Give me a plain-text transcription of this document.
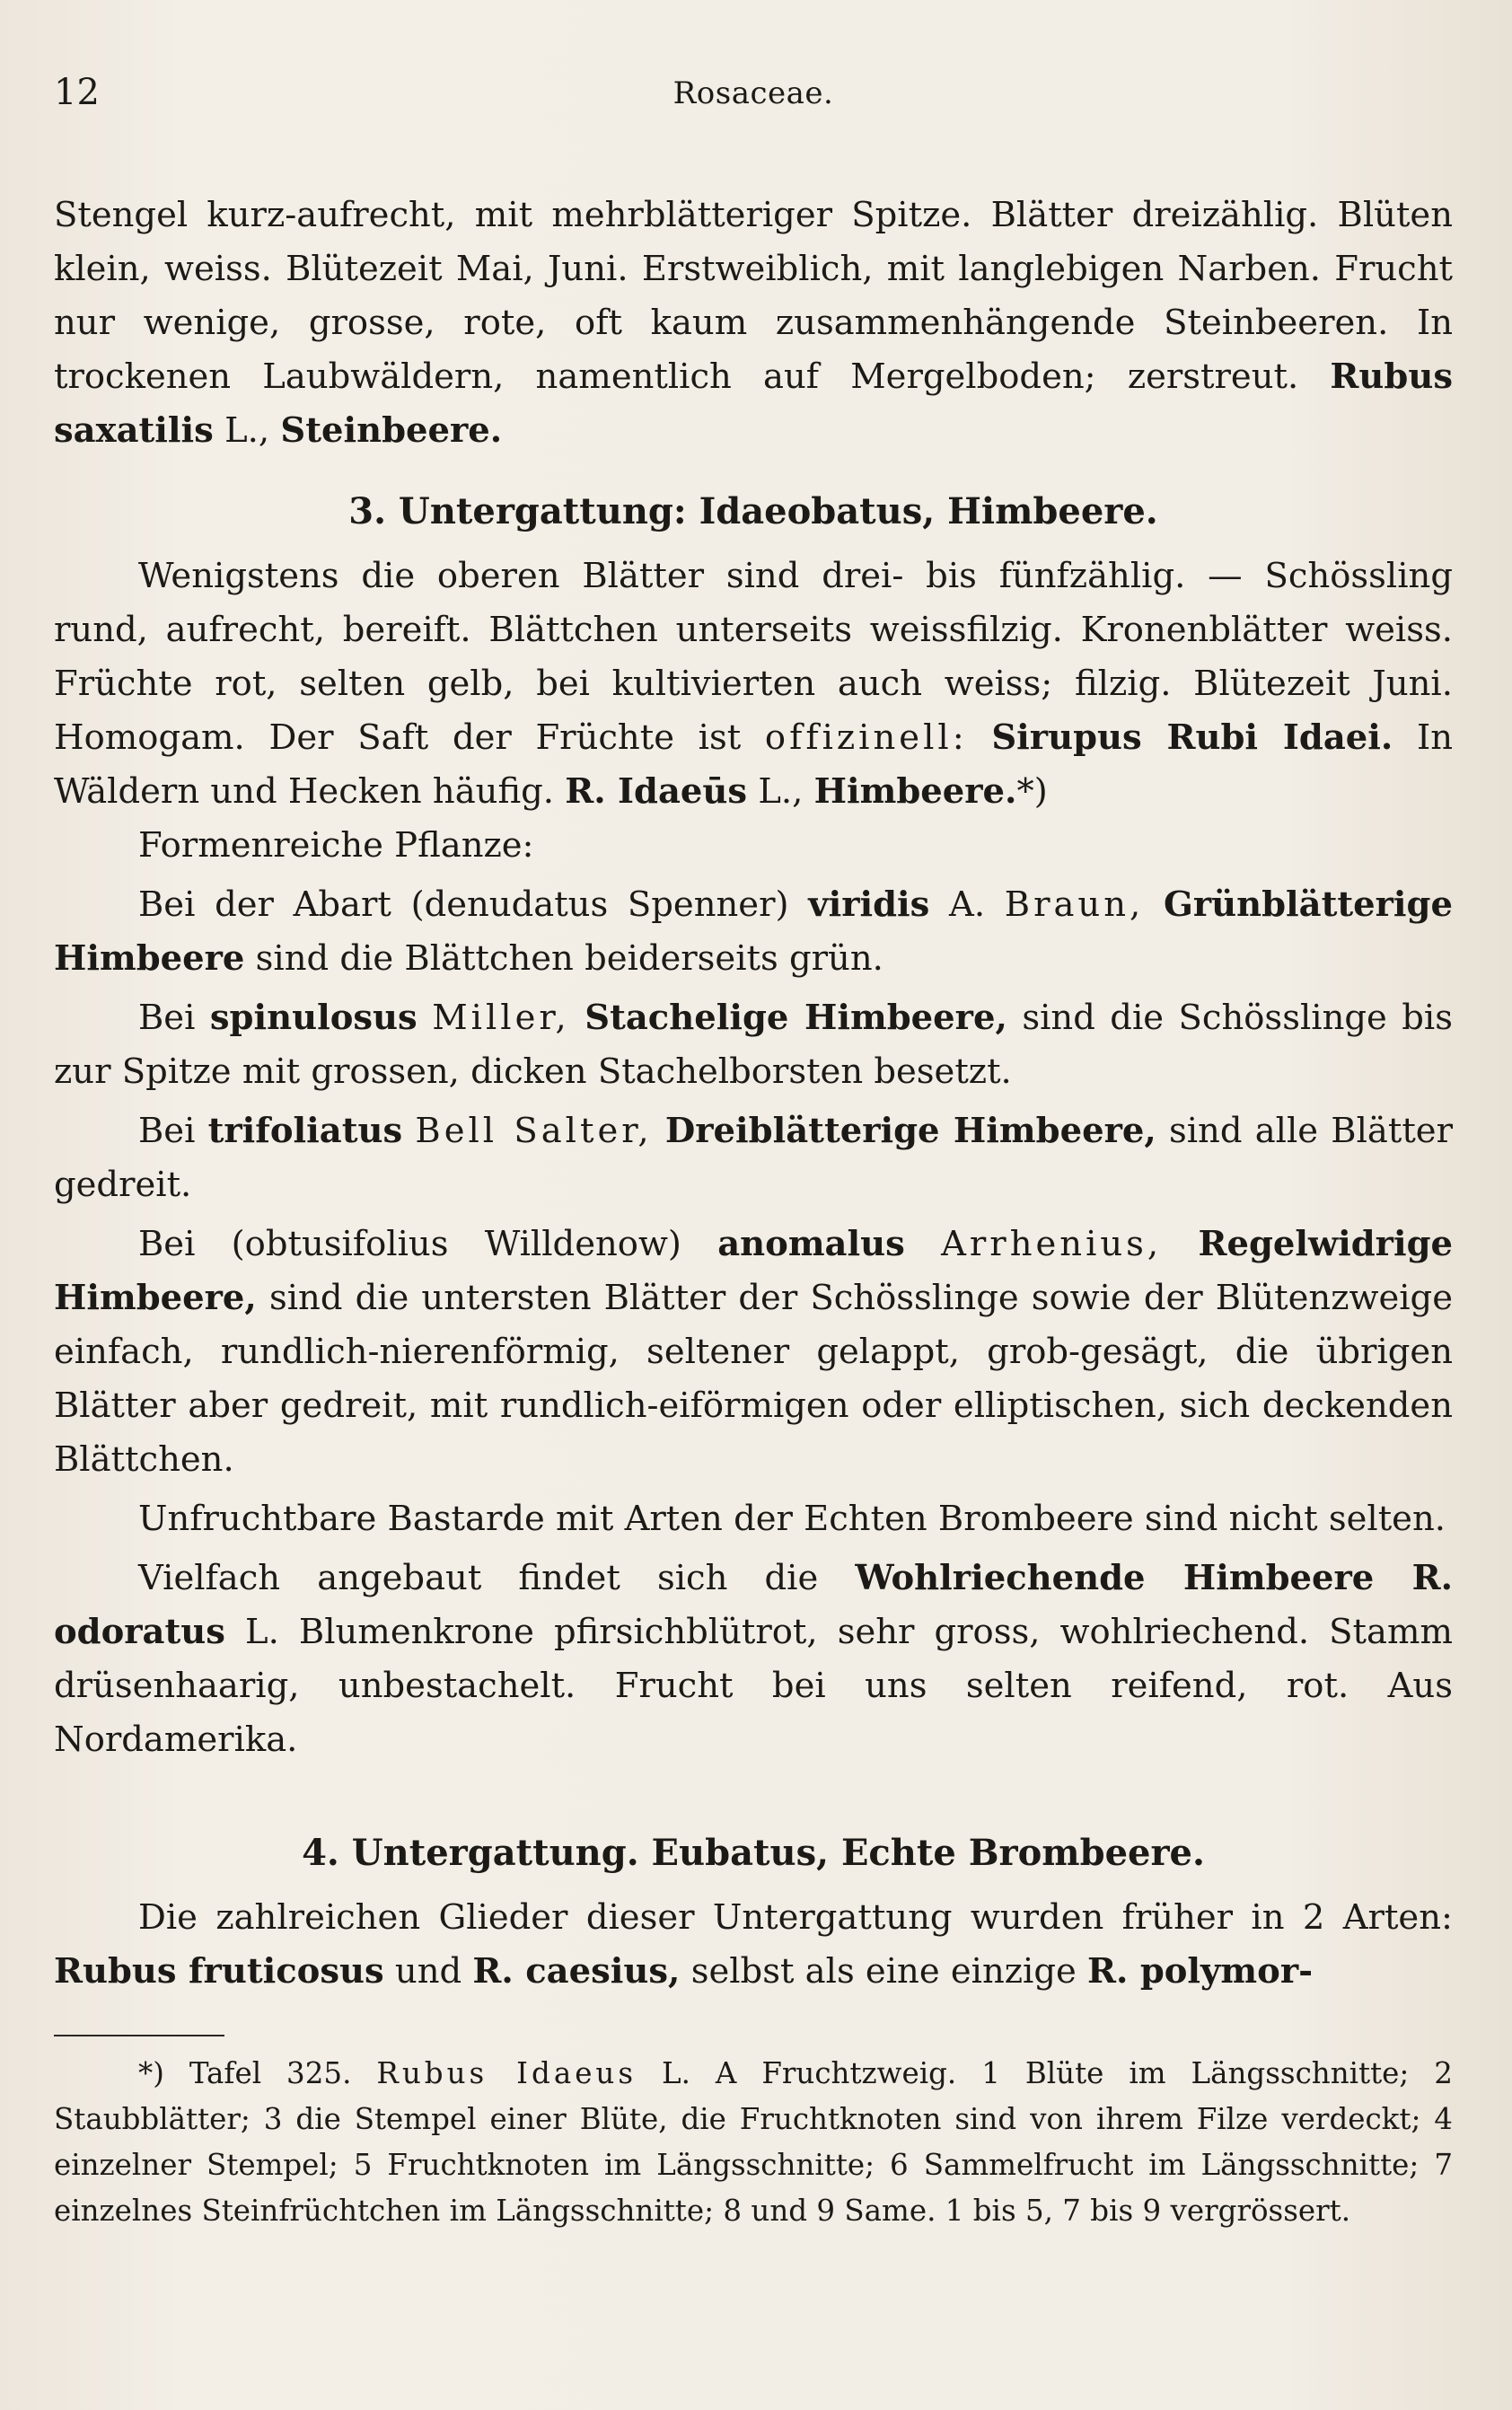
12	Rosaceae.

Stengel kurz-aufrecht, mit mehrblätteriger Spitze. Blätter dreizählig. Blüten klein, weiss. Blütezeit Mai, Juni. Erstweiblich, mit langlebigen Narben. Frucht nur wenige, grosse, rote, oft kaum zusammenhängende Steinbeeren. In trockenen Laubwäldern, namentlich auf Mergelboden; zerstreut. Rubus saxatilis L., Steinbeere.

3. Untergattung: Idaeobatus, Himbeere.

Wenigstens die oberen Blätter sind drei- bis fünfzählig. — Schössling rund, aufrecht, bereift. Blättchen unterseits weissfilzig. Kronenblätter weiss. Früchte rot, selten gelb, bei kultivierten auch weiss; filzig. Blütezeit Juni. Homogam. Der Saft der Früchte ist offizinell: Sirupus Rubi Idaei. In Wäldern und Hecken häufig. R. Idaeūs L., Himbeere.*)

Formenreiche Pflanze:

Bei der Abart (denudatus Spenner) viridis A. Braun, Grünblätterige Himbeere sind die Blättchen beiderseits grün.

Bei spinulosus Miller, Stachelige Himbeere, sind die Schösslinge bis zur Spitze mit grossen, dicken Stachelborsten besetzt.

Bei trifoliatus Bell Salter, Dreiblätterige Himbeere, sind alle Blätter gedreit.

Bei (obtusifolius Willdenow) anomalus Arrhenius, Regelwidrige Himbeere, sind die untersten Blätter der Schösslinge sowie der Blütenzweige einfach, rundlich-nierenförmig, seltener gelappt, grob-gesägt, die übrigen Blätter aber gedreit, mit rundlich-eiförmigen oder elliptischen, sich deckenden Blättchen.

Unfruchtbare Bastarde mit Arten der Echten Brombeere sind nicht selten.

Vielfach angebaut findet sich die Wohlriechende Himbeere R. odoratus L. Blumenkrone pfirsichblütrot, sehr gross, wohlriechend. Stamm drüsenhaarig, unbestachelt. Frucht bei uns selten reifend, rot. Aus Nordamerika.

4. Untergattung. Eubatus, Echte Brombeere.

Die zahlreichen Glieder dieser Untergattung wurden früher in 2 Arten: Rubus fruticosus und R. caesius, selbst als eine einzige R. polymor-

*) Tafel 325. Rubus Idaeus L. A Fruchtzweig. 1 Blüte im Längsschnitte; 2 Staubblätter; 3 die Stempel einer Blüte, die Fruchtknoten sind von ihrem Filze verdeckt; 4 einzelner Stempel; 5 Fruchtknoten im Längsschnitte; 6 Sammelfrucht im Längsschnitte; 7 einzelnes Steinfrüchtchen im Längsschnitte; 8 und 9 Same. 1 bis 5, 7 bis 9 vergrössert.
